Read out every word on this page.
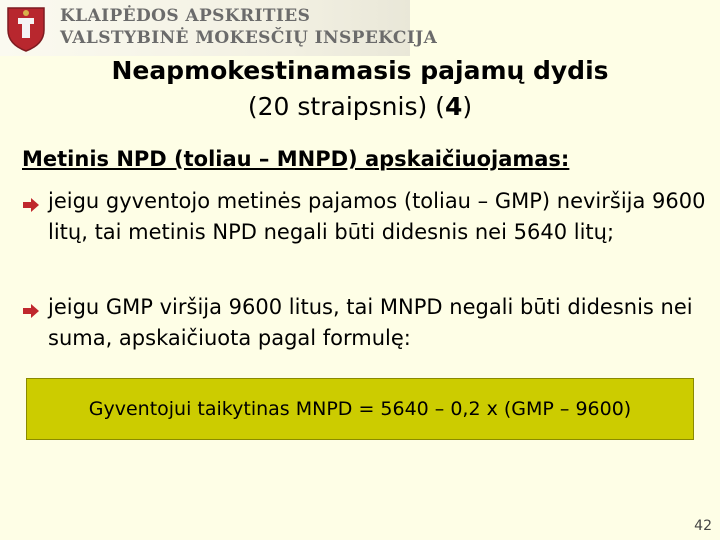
KLAIPĖDOS APSKRITIES
VALSTYBINĖ MOKESČIŲ INSPEKCIJA
Neapmokestinamasis pajamų dydis
(20 straipsnis) (4)
Metinis NPD (toliau – MNPD) apskaičiuojamas:
jeigu gyventojo metinės pajamos (toliau – GMP) neviršija 9600 litų, tai metinis NPD negali būti didesnis nei 5640 litų;
jeigu GMP viršija 9600 litus, tai MNPD negali būti didesnis nei suma, apskaičiuota pagal formulę:
Gyventojui taikytinas MNPD = 5640 – 0,2 x (GMP – 9600)
42
